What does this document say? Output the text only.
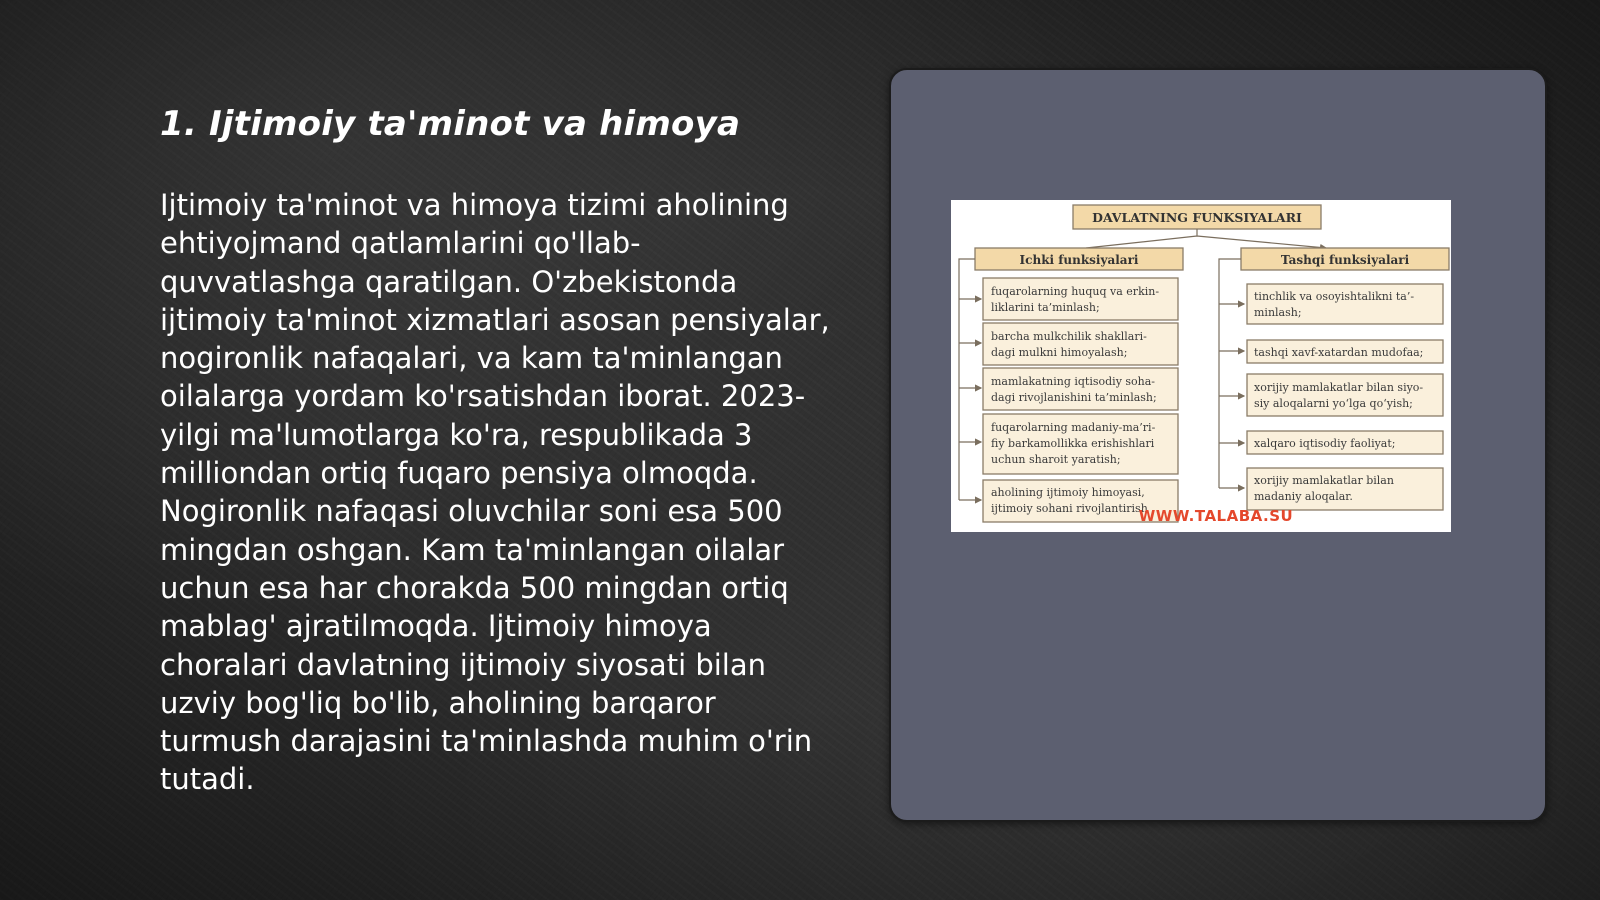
1. Ijtimoiy ta'minot va himoya
Ijtimoiy ta'minot va himoya tizimi aholining
ehtiyojmand qatlamlarini qo'llab-
quvvatlashga qaratilgan. O'zbekistonda
ijtimoiy ta'minot xizmatlari asosan pensiyalar,
nogironlik nafaqalari, va kam ta'minlangan
oilalarga yordam ko'rsatishdan iborat. 2023-
yilgi ma'lumotlarga ko'ra, respublikada 3
milliondan ortiq fuqaro pensiya olmoqda.
Nogironlik nafaqasi oluvchilar soni esa 500
mingdan oshgan. Kam ta'minlangan oilalar
uchun esa har chorakda 500 mingdan ortiq
mablag' ajratilmoqda. Ijtimoiy himoya
choralari davlatning ijtimoiy siyosati bilan
uzviy bog'liq bo'lib, aholining barqaror
turmush darajasini ta'minlashda muhim o'rin
tutadi.
DAVLATNING FUNKSIYALARI
Ichki funksiyalari	Tashqi funksiyalari
fuqarolarning huquq va erkin-
liklarini ta’minlash;
barcha mulkchilik shakllari-
dagi mulkni himoyalash;
mamlakatning iqtisodiy soha-
dagi rivojlanishini ta’minlash;
fuqarolarning madaniy-ma’ri-
fiy barkamollikka erishishlari
uchun sharoit yaratish;
aholining ijtimoiy himoyasi,
ijtimoiy sohani rivojlantirish
tinchlik va osoyishtalikni ta’-
minlash;
tashqi xavf-xatardan mudofaa;
xorijiy mamlakatlar bilan siyo-
siy aloqalarni yo‘lga qo‘yish;
xalqaro iqtisodiy faoliyat;
xorijiy mamlakatlar bilan
madaniy aloqalar.
WWW.TALABA.SU
